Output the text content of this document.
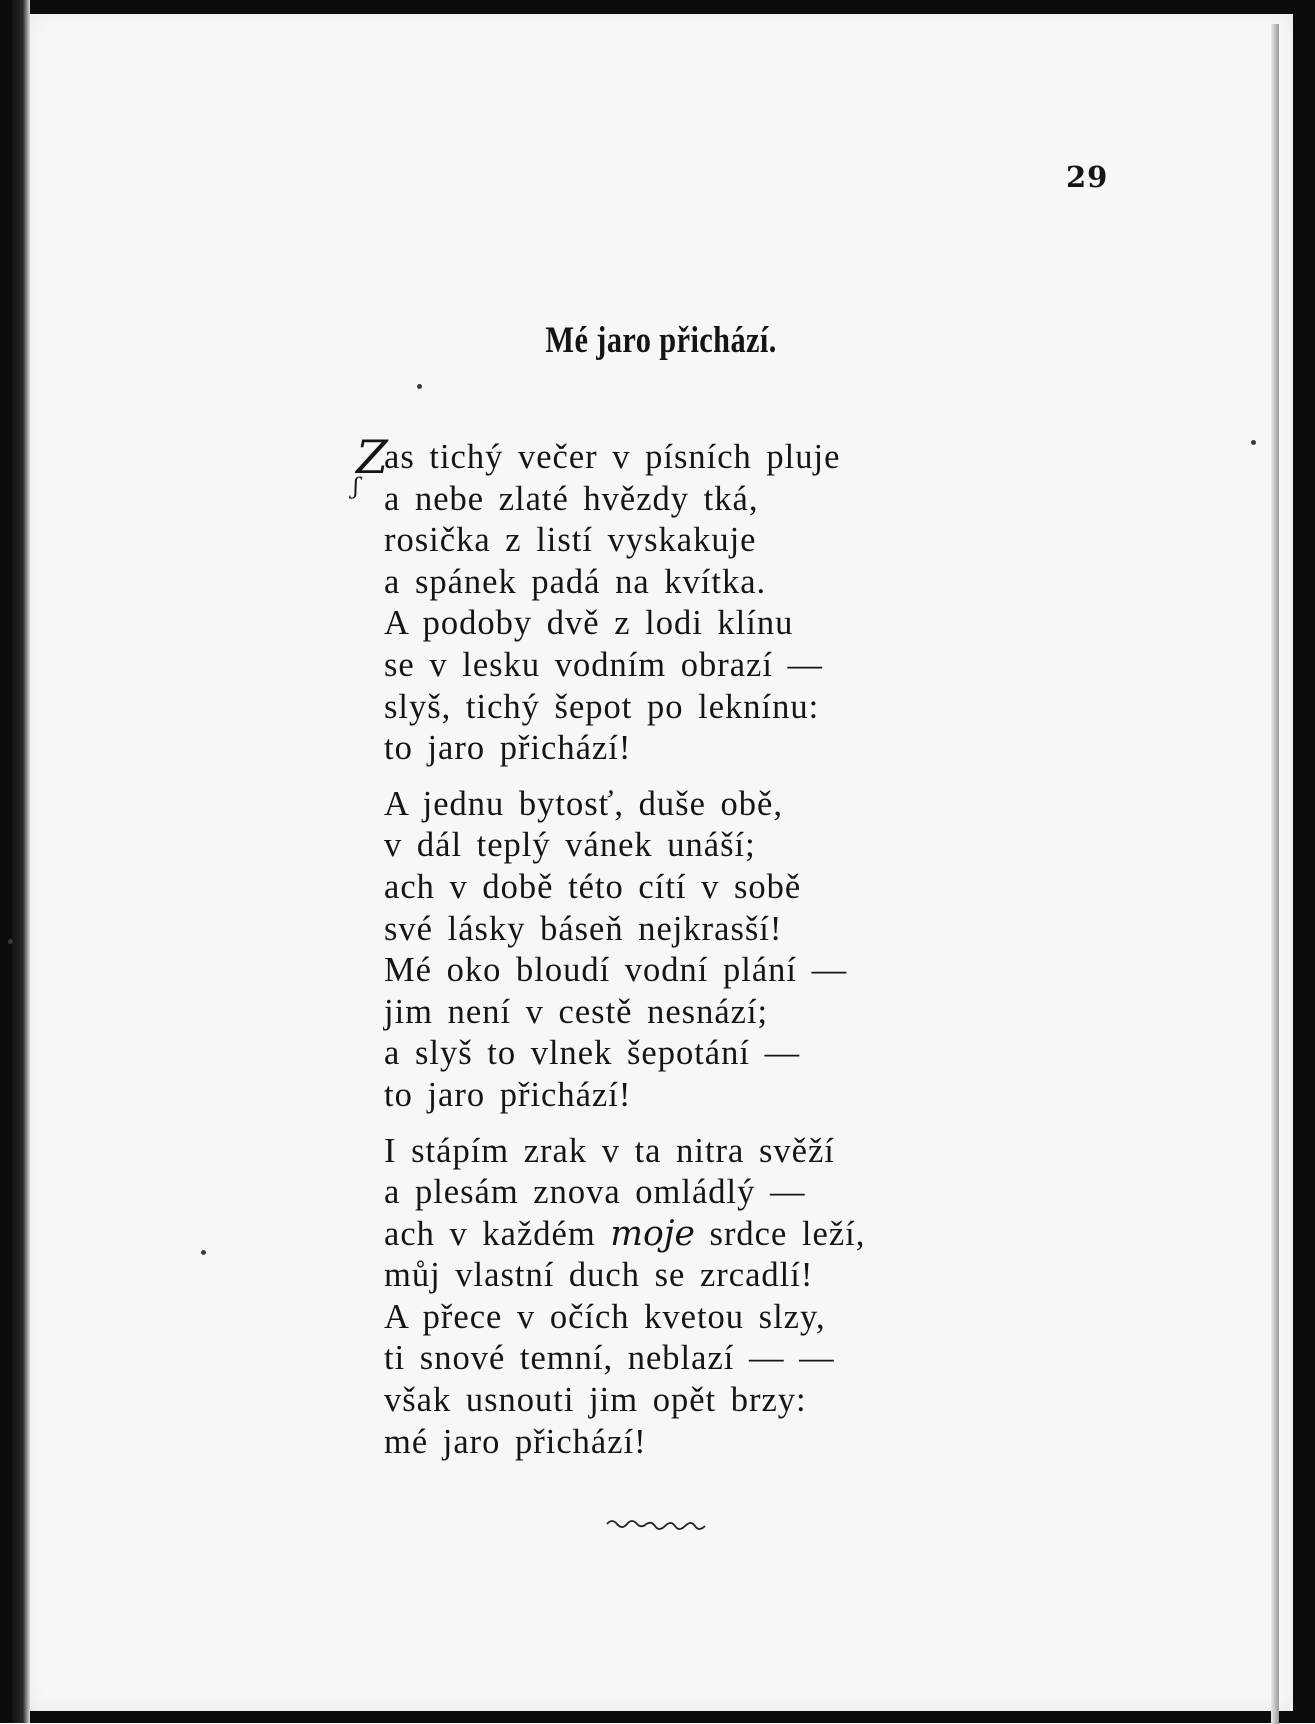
29
Mé jaro přichází.
Z
ʃ
as tichý večer v písních pluje
a nebe zlaté hvězdy tká,
rosička z listí vyskakuje
a spánek padá na kvítka.
A podoby dvě z lodi klínu
se v lesku vodním obrazí —
slyš, tichý šepot po leknínu:
to jaro přichází!
A jednu bytosť, duše obě,
v dál teplý vánek unáší;
ach v době této cítí v sobě
své lásky báseň nejkrasší!
Mé oko bloudí vodní plání —
jim není v cestě nesnází;
a slyš to vlnek šepotání —
to jaro přichází!
I stápím zrak v ta nitra svěží
a plesám znova omládlý —
ach v každém moje srdce leží,
můj vlastní duch se zrcadlí!
A přece v očích kvetou slzy,
ti snové temní, neblazí — —
však usnouti jim opět brzy:
mé jaro přichází!
